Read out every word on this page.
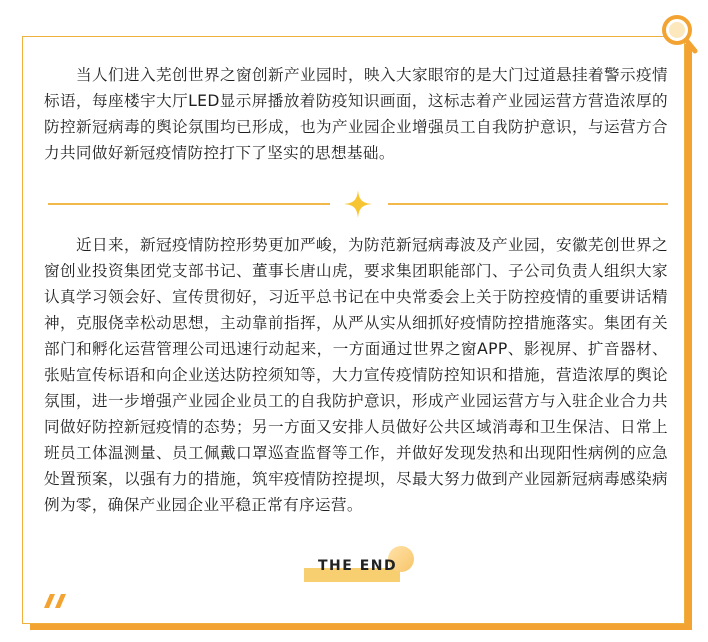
当人们进入芜创世界之窗创新产业园时，映入大家眼帘的是大门过道悬挂着警示疫情标语，每座楼宇大厅LED显示屏播放着防疫知识画面，这标志着产业园运营方营造浓厚的防控新冠病毒的舆论氛围均已形成，也为产业园企业增强员工自我防护意识，与运营方合力共同做好新冠疫情防控打下了坚实的思想基础。

近日来，新冠疫情防控形势更加严峻，为防范新冠病毒波及产业园，安徽芜创世界之窗创业投资集团党支部书记、董事长唐山虎，要求集团职能部门、子公司负责人组织大家认真学习领会好、宣传贯彻好，习近平总书记在中央常委会上关于防控疫情的重要讲话精神，克服侥幸松动思想，主动靠前指挥，从严从实从细抓好疫情防控措施落实。集团有关部门和孵化运营管理公司迅速行动起来，一方面通过世界之窗APP、影视屏、扩音器材、张贴宣传标语和向企业送达防控须知等，大力宣传疫情防控知识和措施，营造浓厚的舆论氛围，进一步增强产业园企业员工的自我防护意识，形成产业园运营方与入驻企业合力共同做好防控新冠疫情的态势；另一方面又安排人员做好公共区域消毒和卫生保洁、日常上班员工体温测量、员工佩戴口罩巡查监督等工作，并做好发现发热和出现阳性病例的应急处置预案，以强有力的措施，筑牢疫情防控提坝，尽最大努力做到产业园新冠病毒感染病例为零，确保产业园企业平稳正常有序运营。

THE END
